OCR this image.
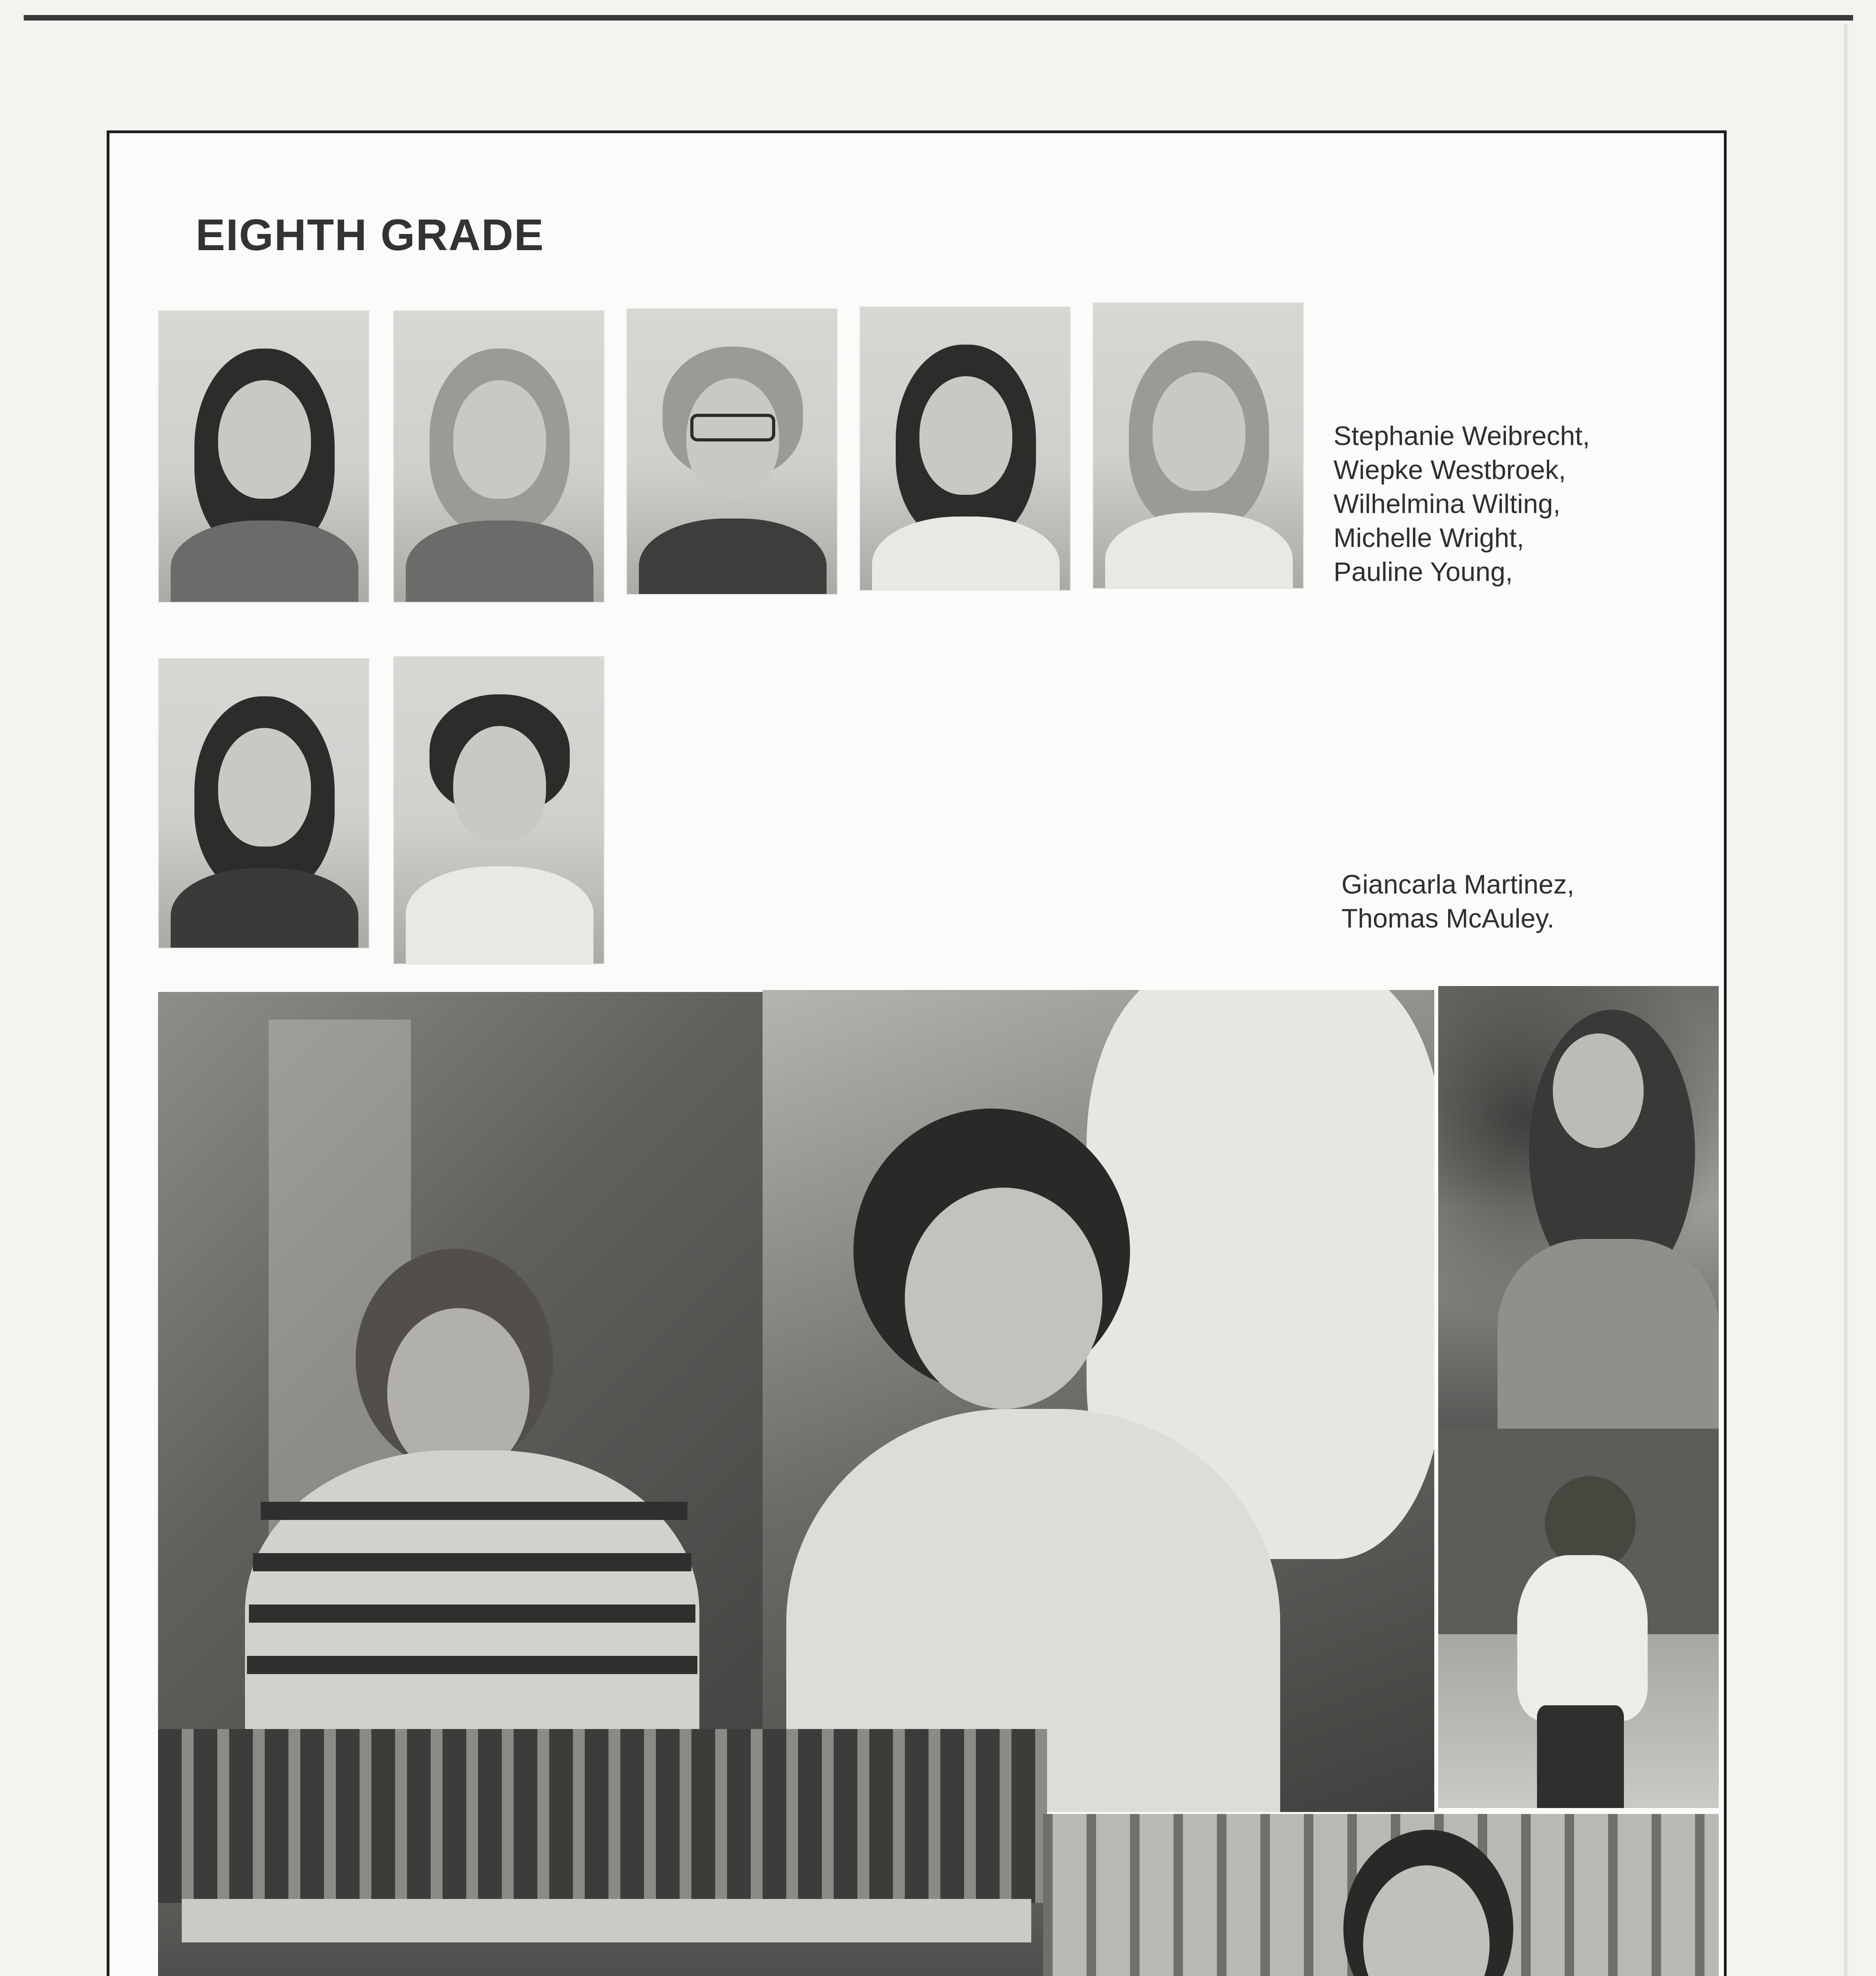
EIGHTH GRADE
Stephanie Weibrecht,
Wiepke Westbroek,
Wilhelmina Wilting,
Michelle Wright,
Pauline Young,
Giancarla Martinez,
Thomas McAuley.
